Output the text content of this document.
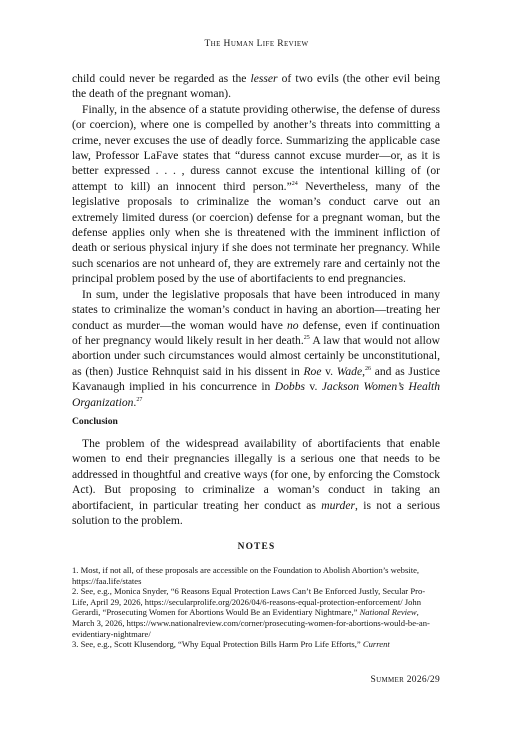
The Human Life Review

child could never be regarded as the lesser of two evils (the other evil being the death of the pregnant woman).

Finally, in the absence of a statute providing otherwise, the defense of duress (or coercion), where one is compelled by another’s threats into committing a crime, never excuses the use of deadly force. Summarizing the applicable case law, Professor LaFave states that “duress cannot excuse murder—or, as it is better expressed . . . , duress cannot excuse the intentional killing of (or attempt to kill) an innocent third person.”$^{24}$ Nevertheless, many of the legislative proposals to criminalize the woman’s conduct carve out an extremely limited duress (or coercion) defense for a pregnant woman, but the defense applies only when she is threatened with the imminent infliction of death or serious physical injury if she does not terminate her pregnancy. While such scenarios are not unheard of, they are extremely rare and certainly not the principal problem posed by the use of abortifacients to end pregnancies.

In sum, under the legislative proposals that have been introduced in many states to criminalize the woman’s conduct in having an abortion—treating her conduct as murder—the woman would have no defense, even if continuation of her pregnancy would likely result in her death.$^{25}$ A law that would not allow abortion under such circumstances would almost certainly be unconstitutional, as (then) Justice Rehnquist said in his dissent in Roe v. Wade,$^{26}$ and as Justice Kavanaugh implied in his concurrence in Dobbs v. Jackson Women’s Health Organization.$^{27}$

Conclusion

The problem of the widespread availability of abortifacients that enable women to end their pregnancies illegally is a serious one that needs to be addressed in thoughtful and creative ways (for one, by enforcing the Comstock Act). But proposing to criminalize a woman’s conduct in taking an abortifacient, in particular treating her conduct as murder, is not a serious solution to the problem.

NOTES

1. Most, if not all, of these proposals are accessible on the Foundation to Abolish Abortion’s website, https://faa.life/states

2. See, e.g., Monica Snyder, “6 Reasons Equal Protection Laws Can’t Be Enforced Justly, Secular Pro-Life, April 29, 2026, https://secularprolife.org/2026/04/6-reasons-equal-protection-enforcement/ John Gerardi, “Prosecuting Women for Abortions Would Be an Evidentiary Nightmare,” National Review, March 3, 2026, https://www.nationalreview.com/corner/prosecuting-women-for-abortions-would-be-an-evidentiary-nightmare/

3. See, e.g., Scott Klusendorg, “Why Equal Protection Bills Harm Pro Life Efforts,” Current

Summer 2026/29
